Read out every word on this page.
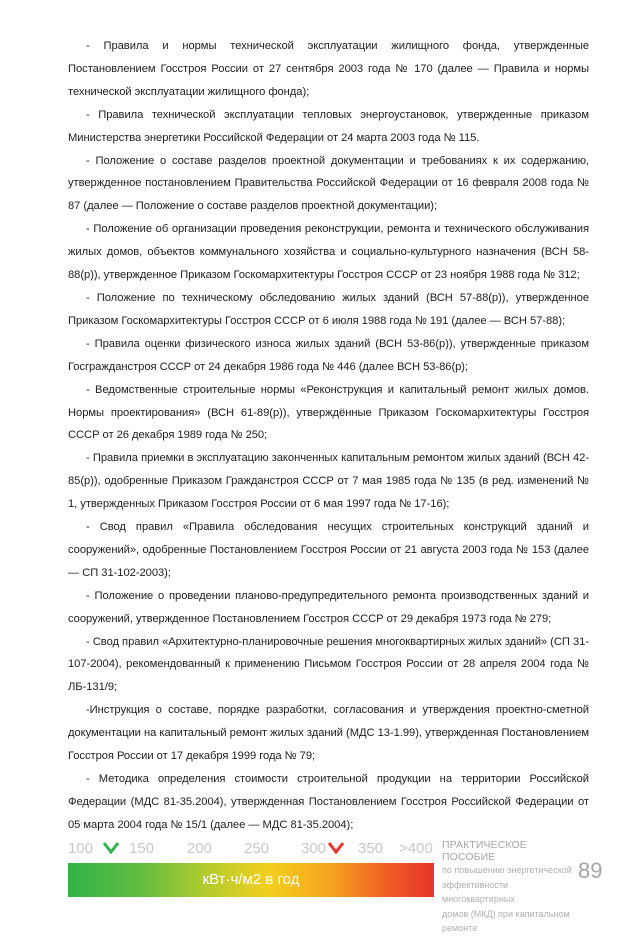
- Правила и нормы технической эксплуатации жилищного фонда, утвержденные Постановлением Госстроя России от 27 сентября 2003 года № 170 (далее — Правила и нормы технической эксплуатации жилищного фонда);

- Правила технической эксплуатации тепловых энергоустановок, утвержденные приказом Министерства энергетики Российской Федерации от 24 марта 2003 года № 115.

- Положение о составе разделов проектной документации и требованиях к их содержанию, утвержденное постановлением Правительства Российской Федерации от 16 февраля 2008 года № 87 (далее — Положение о составе разделов проектной документации);

- Положение об организации проведения реконструкции, ремонта и технического обслуживания жилых домов, объектов коммунального хозяйства и социально-культурного назначения (ВСН 58-88(р)), утвержденное Приказом Госкомархитектуры Госстроя СССР от 23 ноября 1988 года № 312;

- Положение по техническому обследованию жилых зданий (ВСН 57-88(р)), утвержденное Приказом Госкомархитектуры Госстроя СССР от 6 июля 1988 года № 191 (далее — ВСН 57-88);

- Правила оценки физического износа жилых зданий (ВСН 53-86(р)), утвержденные приказом Госгражданстроя СССР от 24 декабря 1986 года № 446 (далее ВСН 53-86(р);

- Ведомственные строительные нормы «Реконструкция и капитальный ремонт жилых домов. Нормы проектирования» (ВСН 61-89(р)), утверждённые Приказом Госкомархитектуры Госстроя СССР от 26 декабря 1989 года № 250;

- Правила приемки в эксплуатацию законченных капитальным ремонтом жилых зданий (ВСН 42-85(р)), одобренные Приказом Гражданстроя СССР от 7 мая 1985 года № 135 (в ред. изменений № 1, утвержденных Приказом Госстроя России от 6 мая 1997 года № 17-16);

- Свод правил «Правила обследования несущих строительных конструкций зданий и сооружений», одобренные Постановлением Госстроя России от 21 августа 2003 года № 153 (далее — СП 31-102-2003);

- Положение о проведении планово-предупредительного ремонта производственных зданий и сооружений, утвержденное Постановлением Госстроя СССР от 29 декабря 1973 года № 279;

- Свод правил «Архитектурно-планировочные решения многоквартирных жилых зданий» (СП 31-107-2004), рекомендованный к применению Письмом Госстроя России от 28 апреля 2004 года № ЛБ-131/9;

-Инструкция о составе, порядке разработки, согласования и утверждения проектно-сметной документации на капитальный ремонт жилых зданий (МДС 13-1.99), утвержденная Постановлением Госстроя России от 17 декабря 1999 года № 79;

- Методика определения стоимости строительной продукции на территории Российской Федерации (МДС 81-35.2004), утвержденная Постановлением Госстроя Российской Федерации от 05 марта 2004 года № 15/1 (далее — МДС 81-35.2004);

100 150 200 250 300 350 >400
кВт·ч/м2 в год
ПРАКТИЧЕСКОЕ ПОСОБИЕ
по повышению энергетической
эффективности многоквартирных
домов (МКД) при капитальном ремонте
89
